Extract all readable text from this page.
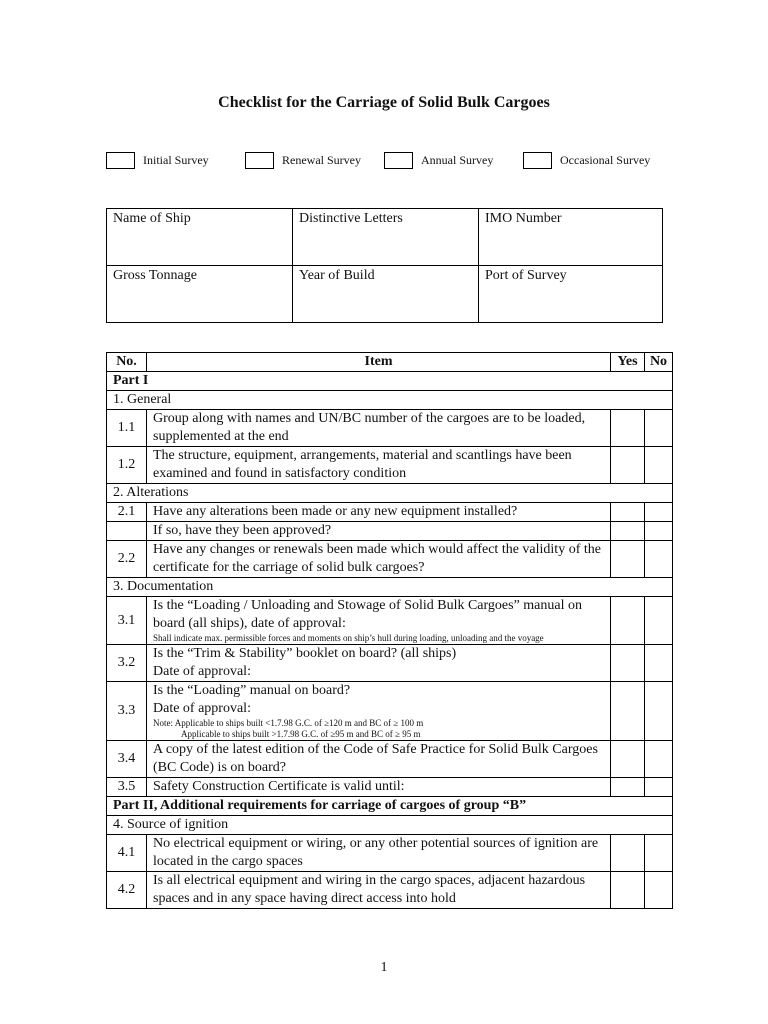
Checklist for the Carriage of Solid Bulk Cargoes
Initial Survey	Renewal Survey	Annual Survey	Occasional Survey
Name of Ship	Distinctive Letters	IMO Number
Gross Tonnage	Year of Build	Port of Survey
No.	Item	Yes	No
Part I			
1. General			
1.1	Group along with names and UN/BC number of the cargoes are to be loaded, supplemented at the end		
1.2	The structure, equipment, arrangements, material and scantlings have been examined and found in satisfactory condition		
2. Alterations			
2.1	Have any alterations been made or any new equipment installed?		
	If so, have they been approved?		
2.2	Have any changes or renewals been made which would affect the validity of the certificate for the carriage of solid bulk cargoes?		
3. Documentation			
3.1	Is the “Loading / Unloading and Stowage of Solid Bulk Cargoes” manual on board (all ships), date of approval:
Shall indicate max. permissible forces and moments on ship’s hull during loading, unloading and the voyage		

3.2	Is the “Trim & Stability” booklet on board? (all ships)
Date of approval:		

3.3	Is the “Loading” manual on board?
Date of approval:
Note: Applicable to ships built <1.7.98 G.C. of ≥120 m and BC of ≥ 100 m
Applicable to ships built >1.7.98 G.C. of ≥95 m and BC of ≥ 95 m		

3.4	A copy of the latest edition of the Code of Safe Practice for Solid Bulk Cargoes (BC Code) is on board?		
3.5	Safety Construction Certificate is valid until:		
Part II, Additional requirements for carriage of cargoes of group “B”			
4. Source of ignition			
4.1	No electrical equipment or wiring, or any other potential sources of ignition are located in the cargo spaces		
4.2	Is all electrical equipment and wiring in the cargo spaces, adjacent hazardous spaces and in any space having direct access into hold		
1
